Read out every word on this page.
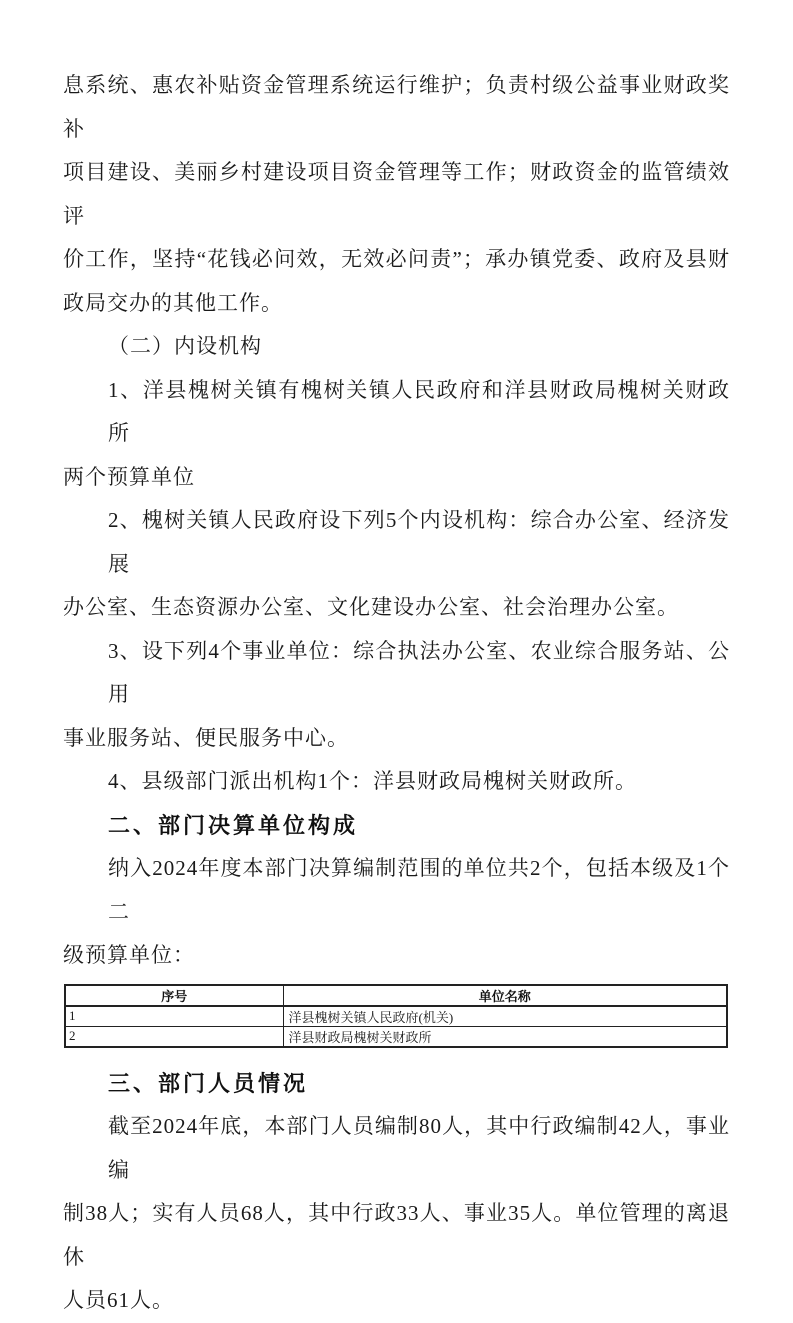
息系统、惠农补贴资金管理系统运行维护；负责村级公益事业财政奖补
项目建设、美丽乡村建设项目资金管理等工作；财政资金的监管绩效评
价工作，坚持“花钱必问效，无效必问责”；承办镇党委、政府及县财
政局交办的其他工作。
（二）内设机构
1、洋县槐树关镇有槐树关镇人民政府和洋县财政局槐树关财政所
两个预算单位
2、槐树关镇人民政府设下列5个内设机构：综合办公室、经济发展
办公室、生态资源办公室、文化建设办公室、社会治理办公室。
3、设下列4个事业单位：综合执法办公室、农业综合服务站、公用
事业服务站、便民服务中心。
4、县级部门派出机构1个：洋县财政局槐树关财政所。
二、部门决算单位构成
纳入2024年度本部门决算编制范围的单位共2个，包括本级及1个二
级预算单位：
序号	单位名称
1	洋县槐树关镇人民政府(机关)
2	洋县财政局槐树关财政所
三、部门人员情况
截至2024年底，本部门人员编制80人，其中行政编制42人，事业编
制38人；实有人员68人，其中行政33人、事业35人。单位管理的离退休
人员61人。
